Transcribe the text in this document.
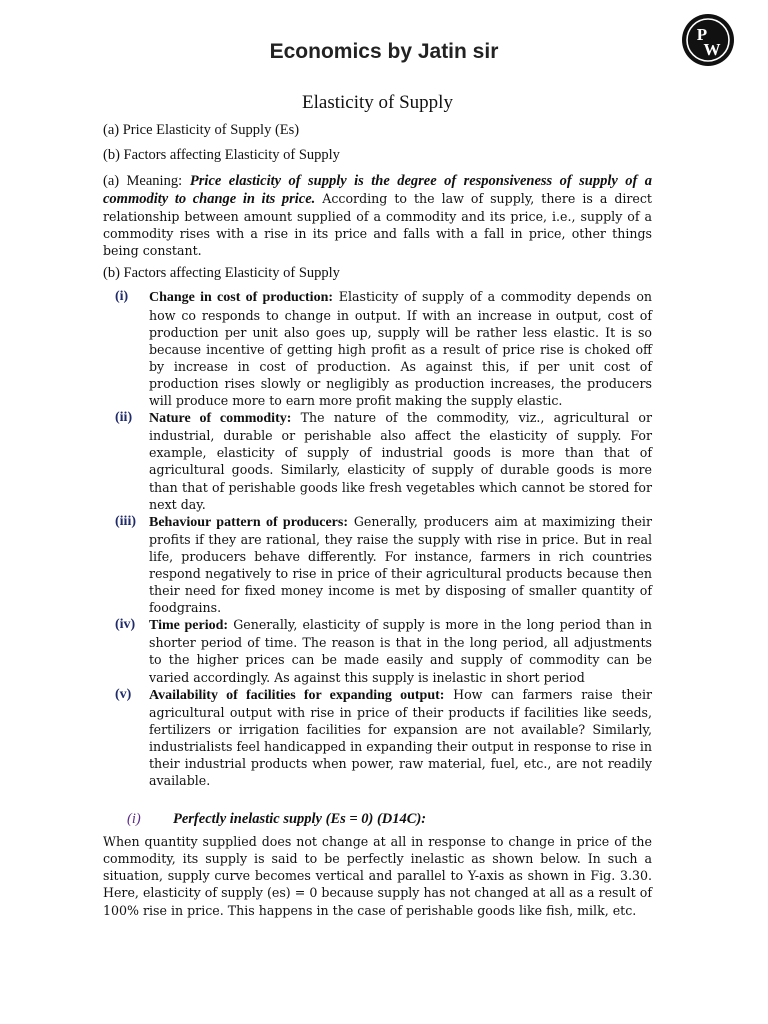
Economics by Jatin sir
P
W
Elasticity of Supply
(a) Price Elasticity of Supply (Es)
(b) Factors affecting Elasticity of Supply

(a) Meaning: Price elasticity of supply is the degree of responsiveness of supply of a commodity to change in its price. According to the law of supply, there is a direct relationship between amount supplied of a commodity and its price, i.e., supply of a commodity rises with a rise in its price and falls with a fall in price, other things being constant.

(b) Factors affecting Elasticity of Supply
(i) Change in cost of production: Elasticity of supply of a commodity depends on how co responds to change in output. If with an increase in output, cost of production per unit also goes up, supply will be rather less elastic. It is so because incentive of getting high profit as a result of price rise is choked off by increase in cost of production. As against this, if per unit cost of production rises slowly or negligibly as production increases, the producers will produce more to earn more profit making the supply elastic.
(ii) Nature of commodity: The nature of the commodity, viz., agricultural or industrial, durable or perishable also affect the elasticity of supply. For example, elasticity of supply of industrial goods is more than that of agricultural goods. Similarly, elasticity of supply of durable goods is more than that of perishable goods like fresh vegetables which cannot be stored for next day.
(iii) Behaviour pattern of producers: Generally, producers aim at maximizing their profits if they are rational, they raise the supply with rise in price. But in real life, producers behave differently. For instance, farmers in rich countries respond negatively to rise in price of their agricultural products because then their need for fixed money income is met by disposing of smaller quantity of foodgrains.
(iv) Time period: Generally, elasticity of supply is more in the long period than in shorter period of time. The reason is that in the long period, all adjustments to the higher prices can be made easily and supply of commodity can be varied accordingly. As against this supply is inelastic in short period
(v) Availability of facilities for expanding output: How can farmers raise their agricultural output with rise in price of their products if facilities like seeds, fertilizers or irrigation facilities for expansion are not available? Similarly, industrialists feel handicapped in expanding their output in response to rise in their industrial products when power, raw material, fuel, etc., are not readily available.
(i) Perfectly inelastic supply (Es = 0) (D14C):

When quantity supplied does not change at all in response to change in price of the commodity, its supply is said to be perfectly inelastic as shown below. In such a situation, supply curve becomes vertical and parallel to Y-axis as shown in Fig. 3.30. Here, elasticity of supply (es) = 0 because supply has not changed at all as a result of 100% rise in price. This happens in the case of perishable goods like fish, milk, etc.
